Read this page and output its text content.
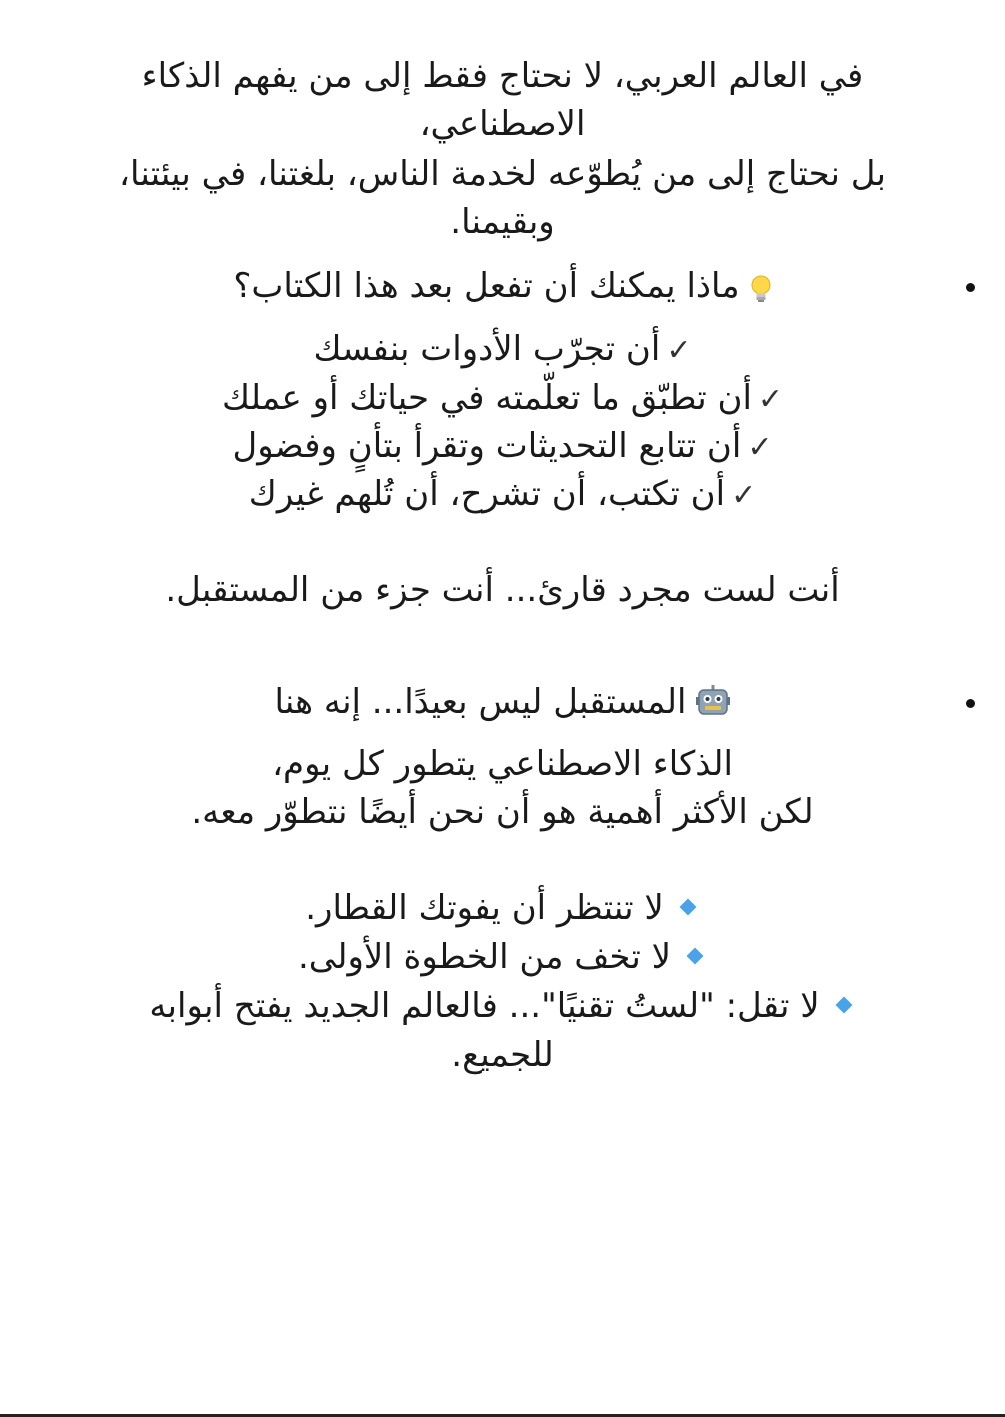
في العالم العربي، لا نحتاج فقط إلى من يفهم الذكاء
الاصطناعي،
بل نحتاج إلى من يُطوّعه لخدمة الناس، بلغتنا، في بيئتنا،
وبقيمنا.
ماذا يمكنك أن تفعل بعد هذا الكتاب؟
✓أن تجرّب الأدوات بنفسك
✓أن تطبّق ما تعلّمته في حياتك أو عملك
✓أن تتابع التحديثات وتقرأ بتأنٍ وفضول
✓أن تكتب، أن تشرح، أن تُلهم غيرك
أنت لست مجرد قارئ... أنت جزء من المستقبل.
المستقبل ليس بعيدًا... إنه هنا
الذكاء الاصطناعي يتطور كل يوم،
لكن الأكثر أهمية هو أن نحن أيضًا نتطوّر معه.
لا تنتظر أن يفوتك القطار.
لا تخف من الخطوة الأولى.
لا تقل: "لستُ تقنيًا"... فالعالم الجديد يفتح أبوابه
للجميع.
